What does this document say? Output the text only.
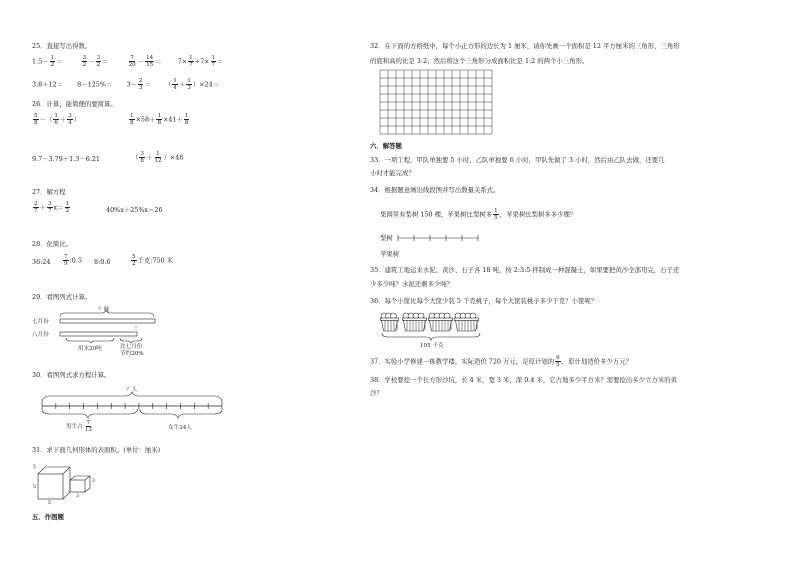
25．直接写出得数。
$1.5- \frac{1}{2}$ ＝	$\frac{3}{2} - \frac{3}{2}$ ＝	$\frac{7}{20} - \frac{14}{15}$ ＝	$7\times \frac{1}{7} \div 7\times \frac{1}{7}$ ＝
$3.8+12= 8-125\%= 3- \frac{2}{3}$ ＝ （ $\frac{1}{4} + \frac{1}{3} )\times 24=$
26．计算，能简便的要简算。
$\frac{5}{8}$ －（ $\frac{1}{6} + \frac{3}{4}$ ）	$\frac{1}{8} \times 58+ \frac{1}{8} \times 41+ \frac{1}{8}$
9.7－3.79＋1.3－6.21	（ $\frac{3}{8} + \frac{1}{12} )\times 48$
27．解方程
$\frac{2}{7} + \frac{3}{7} x= \frac{1}{2}$	40%x＋25%x＝26
28．化简比。
36:24 $\frac{7}{9}$ :0.5 8:0.6	$\frac{5}{2}$ 千克:750 米
29．看图列式计算。
？吨
七月份
八月份
用水20吨	比七月份
节约20%
30．看图列式求方程计算。
？人
男生占 $\frac{7}{13}$	女生24人
31．求下面几何形体的表面积。(单位：厘米)
5
5
5
3
3
五．作图题
32．在下面的方格纸中，每个小正方形的边长为 1 厘米，请你先画一个面积是 12 平方厘米的三角形，三角形
的底和高的比是 3:2；然后将这个三角形分成面积比是 1:2 的两个小三角形。
六．解答题
33．一项工程，甲队单独要 5 小时，乙队单独要 6 小时，甲队先做了 3 小时，然后由乙队去做，还要几
小时才能完成？
34．根据题意画出线段图并写出数量关系式。
果园里有梨树 150 棵，苹果树比梨树多 $\frac{1}{5}$ ，苹果树比梨树多多少棵？
梨树
苹果树
35．建筑工地运来水泥、黄沙、石子各 18 吨，按 2:3:5 拌制成一种混凝土，如果要把黄沙全部用完，石子还
少多少吨？水泥还剩多少吨？
36．每个小筐比每个大筐少装 5 千克桃子，每个大筐装桃子多少千克？小筐呢？
105 千克
37．实验小学修建一栋教学楼，实际造价 720 万元，是原计划的 $\frac{6}{5}$ ，原计划造价多少万元？
38．学校要挖一个长方形沙坑，长 4 米，宽 3 米，深 0.4 米，它占地多少平方米？需要挖出多少立方米的黄
沙？
